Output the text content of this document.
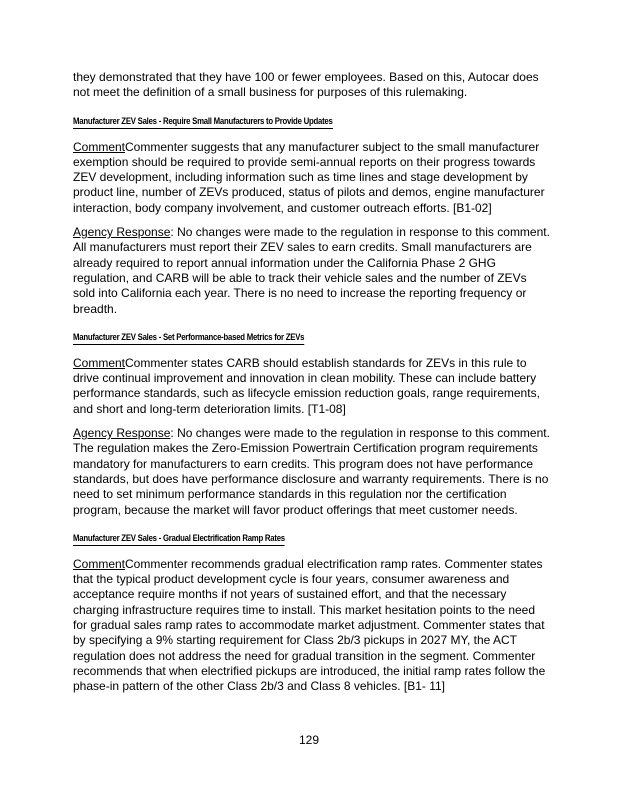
they demonstrated that they have 100 or fewer employees. Based on this, Autocar does not meet the definition of a small business for purposes of this rulemaking.

Manufacturer ZEV Sales - Require Small Manufacturers to Provide Updates

CommentCommenter suggests that any manufacturer subject to the small manufacturer exemption should be required to provide semi-annual reports on their progress towards ZEV development, including information such as time lines and stage development by product line, number of ZEVs produced, status of pilots and demos, engine manufacturer interaction, body company involvement, and customer outreach efforts. [B1-02]

Agency Response: No changes were made to the regulation in response to this comment. All manufacturers must report their ZEV sales to earn credits. Small manufacturers are already required to report annual information under the California Phase 2 GHG regulation, and CARB will be able to track their vehicle sales and the number of ZEVs sold into California each year. There is no need to increase the reporting frequency or breadth.

Manufacturer ZEV Sales - Set Performance-based Metrics for ZEVs

CommentCommenter states CARB should establish standards for ZEVs in this rule to drive continual improvement and innovation in clean mobility. These can include battery performance standards, such as lifecycle emission reduction goals, range requirements, and short and long-term deterioration limits. [T1-08]

Agency Response: No changes were made to the regulation in response to this comment. The regulation makes the Zero-Emission Powertrain Certification program requirements mandatory for manufacturers to earn credits. This program does not have performance standards, but does have performance disclosure and warranty requirements. There is no need to set minimum performance standards in this regulation nor the certification program, because the market will favor product offerings that meet customer needs.

Manufacturer ZEV Sales - Gradual Electrification Ramp Rates

CommentCommenter recommends gradual electrification ramp rates. Commenter states that the typical product development cycle is four years, consumer awareness and acceptance require months if not years of sustained effort, and that the necessary charging infrastructure requires time to install. This market hesitation points to the need for gradual sales ramp rates to accommodate market adjustment. Commenter states that by specifying a 9% starting requirement for Class 2b/3 pickups in 2027 MY, the ACT regulation does not address the need for gradual transition in the segment. Commenter recommends that when electrified pickups are introduced, the initial ramp rates follow the phase-in pattern of the other Class 2b/3 and Class 8 vehicles. [B1- 11]

129
